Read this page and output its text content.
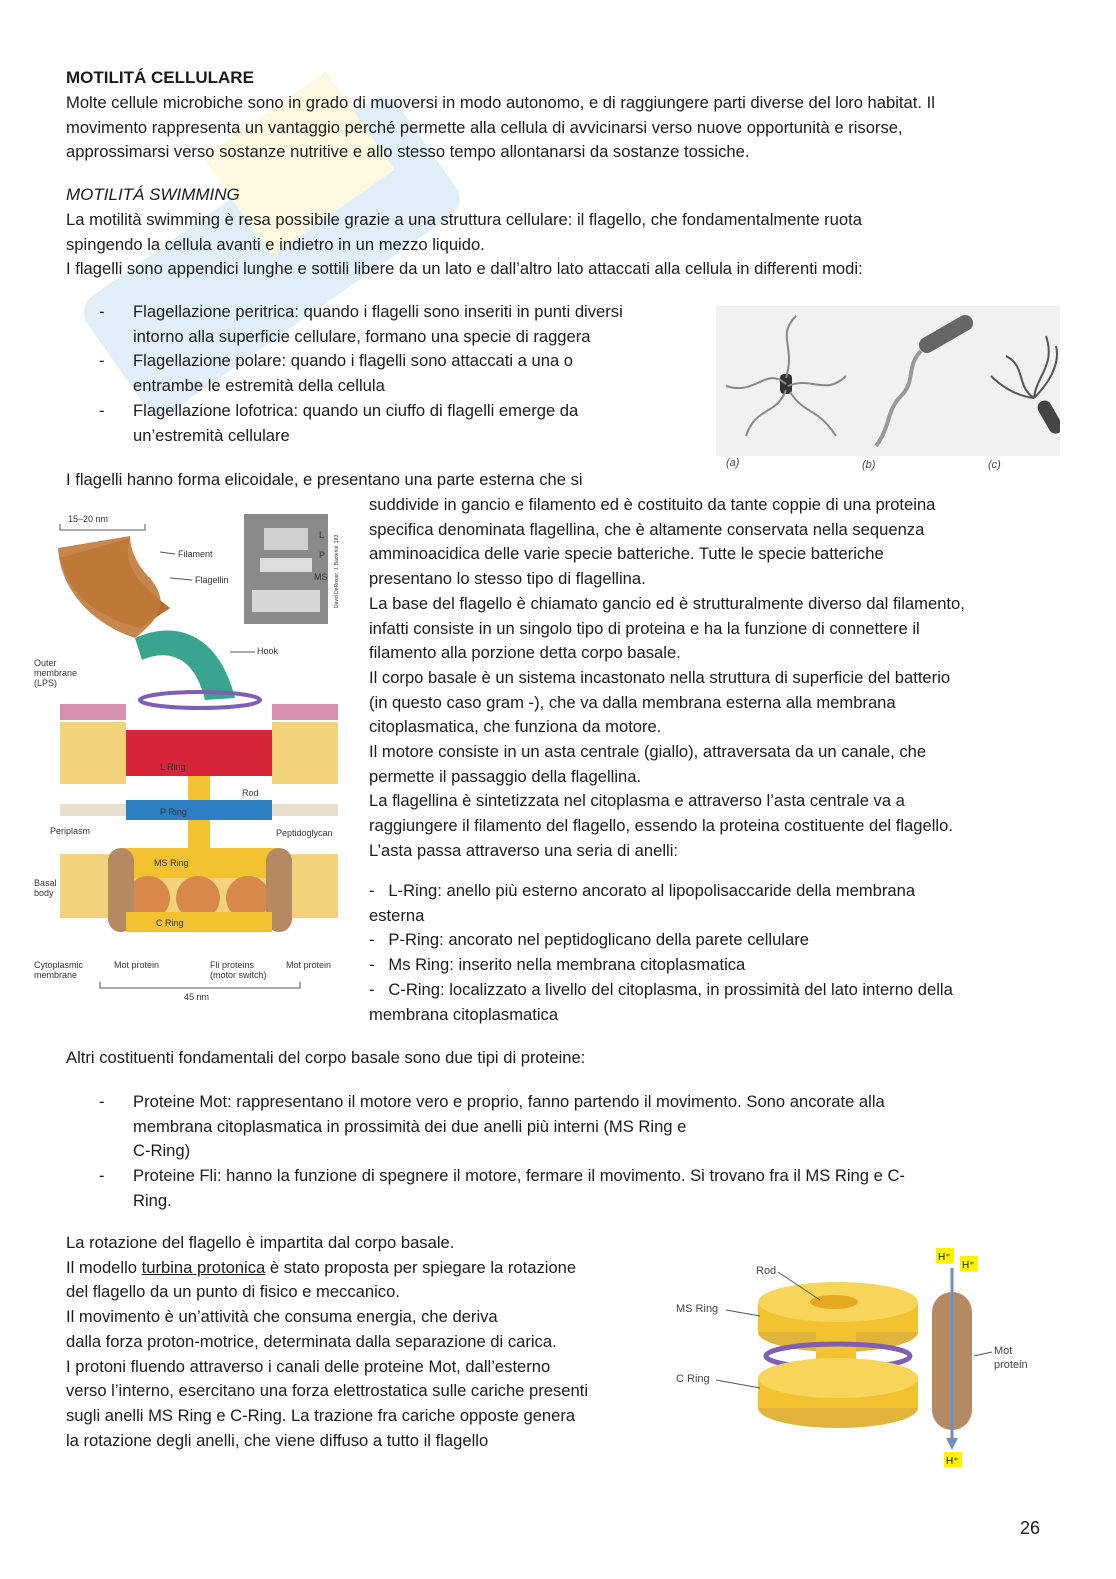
MOTILITÁ CELLULARE
Molte cellule microbiche sono in grado di muoversi in modo autonomo, e di raggiungere parti diverse del loro habitat. Il
movimento rappresenta un vantaggio perché permette alla cellula di avvicinarsi verso nuove opportunità e risorse,
approssimarsi verso sostanze nutritive e allo stesso tempo allontanarsi da sostanze tossiche.
MOTILITÁ SWIMMING
La motilità swimming è resa possibile grazie a una struttura cellulare: il flagello, che fondamentalmente ruota
spingendo la cellula avanti e indietro in un mezzo liquido.
I flagelli sono appendici lunghe e sottili libere da un lato e dall’altro lato attaccati alla cellula in differenti modi:
- Flagellazione peritrica: quando i flagelli sono inseriti in punti diversi
intorno alla superficie cellulare, formano una specie di raggera
- Flagellazione polare: quando i flagelli sono attaccati a una o
entrambe le estremità della cellula
- Flagellazione lofotrica: quando un ciuffo di flagelli emerge da
un’estremità cellulare
(a)	(b)	(c)
I flagelli hanno forma elicoidale, e presentano una parte esterna che si
suddivide in gancio e filamento ed è costituito da tante coppie di una proteina
specifica denominata flagellina, che è altamente conservata nella sequenza
amminoacidica delle varie specie batteriche. Tutte le specie batteriche
presentano lo stesso tipo di flagellina.
La base del flagello è chiamato gancio ed è strutturalmente diverso dal filamento,
infatti consiste in un singolo tipo di proteina e ha la funzione di connettere il
filamento alla porzione detta corpo basale.
Il corpo basale è un sistema incastonato nella struttura di superficie del batterio
(in questo caso gram -), che va dalla membrana esterna alla membrana
citoplasmatica, che funziona da motore.
Il motore consiste in un asta centrale (giallo), attraversata da un canale, che
permette il passaggio della flagellina.
La flagellina è sintetizzata nel citoplasma e attraverso l’asta centrale va a
raggiungere il filamento del flagello, essendo la proteina costituente del flagello.
L’asta passa attraverso una seria di anelli:
- L-Ring: anello più esterno ancorato al lipopolisaccaride della membrana
esterna
- P-Ring: ancorato nel peptidoglicano della parete cellulare
- Ms Ring: inserito nella membrana citoplasmatica
- C-Ring: localizzato a livello del citoplasma, in prossimità del lato interno della
membrana citoplasmatica
15–20 nm
Filament
Flagellin
Hook
L
P
MS David DeRosier, J. Bacteriol. 183
Outer
membrane
(LPS)
L Ring
Rod
P Ring
Periplasm	Peptidoglycan
MS Ring
C Ring
Basal
body
Cytoplasmic
membrane
Mot protein	Fli proteins
(motor switch)
Mot protein
45 nm
Altri costituenti fondamentali del corpo basale sono due tipi di proteine:
- Proteine Mot: rappresentano il motore vero e proprio, fanno partendo il movimento. Sono ancorate alla
membrana citoplasmatica in prossimità dei due anelli più interni (MS Ring e
C-Ring)
- Proteine Fli: hanno la funzione di spegnere il motore, fermare il movimento. Si trovano fra il MS Ring e C-
Ring.
La rotazione del flagello è impartita dal corpo basale.
Il modello turbina protonica è stato proposta per spiegare la rotazione
del flagello da un punto di fisico e meccanico.
Il movimento è un’attività che consuma energia, che deriva
dalla forza proton-motrice, determinata dalla separazione di carica.
I protoni fluendo attraverso i canali delle proteine Mot, dall’esterno
verso l’interno, esercitano una forza elettrostatica sulle cariche presenti
sugli anelli MS Ring e C-Ring. La trazione fra cariche opposte genera
la rotazione degli anelli, che viene diffuso a tutto il flagello
H⁺
H⁺
H⁺
Rod
MS Ring
C Ring
Mot
protein
26
